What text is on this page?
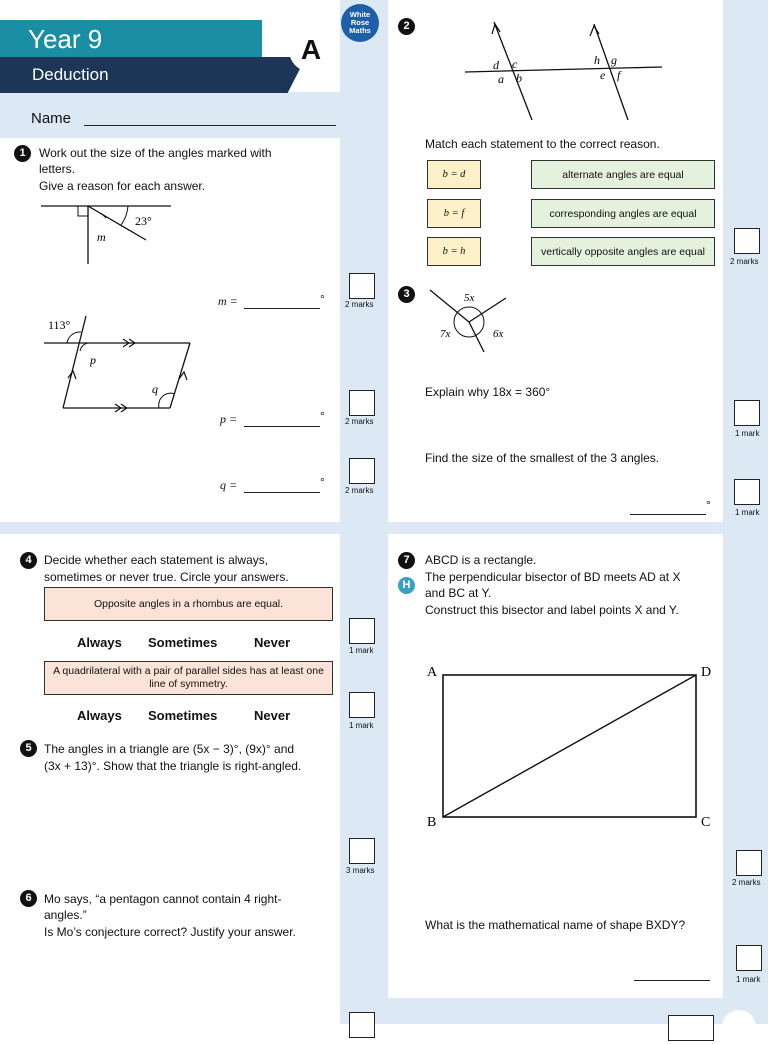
Year 9
Deduction
A
White
Rose
Maths
Name
1	Work out the size of the angles marked with
letters.
Give a reason for each answer.
23°
m
m =	°	2 marks
113°
p
q
p =	°	2 marks
q =	°
2 marks
2
d c
a b
h g
e f
Match each statement to the correct reason.
b = d
b = f
b = h
alternate angles are equal
corresponding angles are equal
vertically opposite angles are equal
2 marks
3	5x
7x	6x
Explain why 18x = 360°
1 mark
Find the size of the smallest of the 3 angles.
°
1 mark
4	Decide whether each statement is always,
sometimes or never true. Circle your answers.
Opposite angles in a rhombus are equal.
Always Sometimes	Never
1 mark
A quadrilateral with a pair of parallel sides has at least one line of symmetry.
Always Sometimes	Never
1 mark
5	The angles in a triangle are (5x − 3)°, (9x)° and
(3x + 13)°. Show that the triangle is right-angled.
3 marks
6	Mo says, “a pentagon cannot contain 4 right-
angles.”
Is Mo’s conjecture correct? Justify your answer.
7
H
ABCD is a rectangle.
The perpendicular bisector of BD meets AD at X
and BC at Y.
Construct this bisector and label points X and Y.
A	D
B	C
2 marks
What is the mathematical name of shape BXDY?
1 mark
